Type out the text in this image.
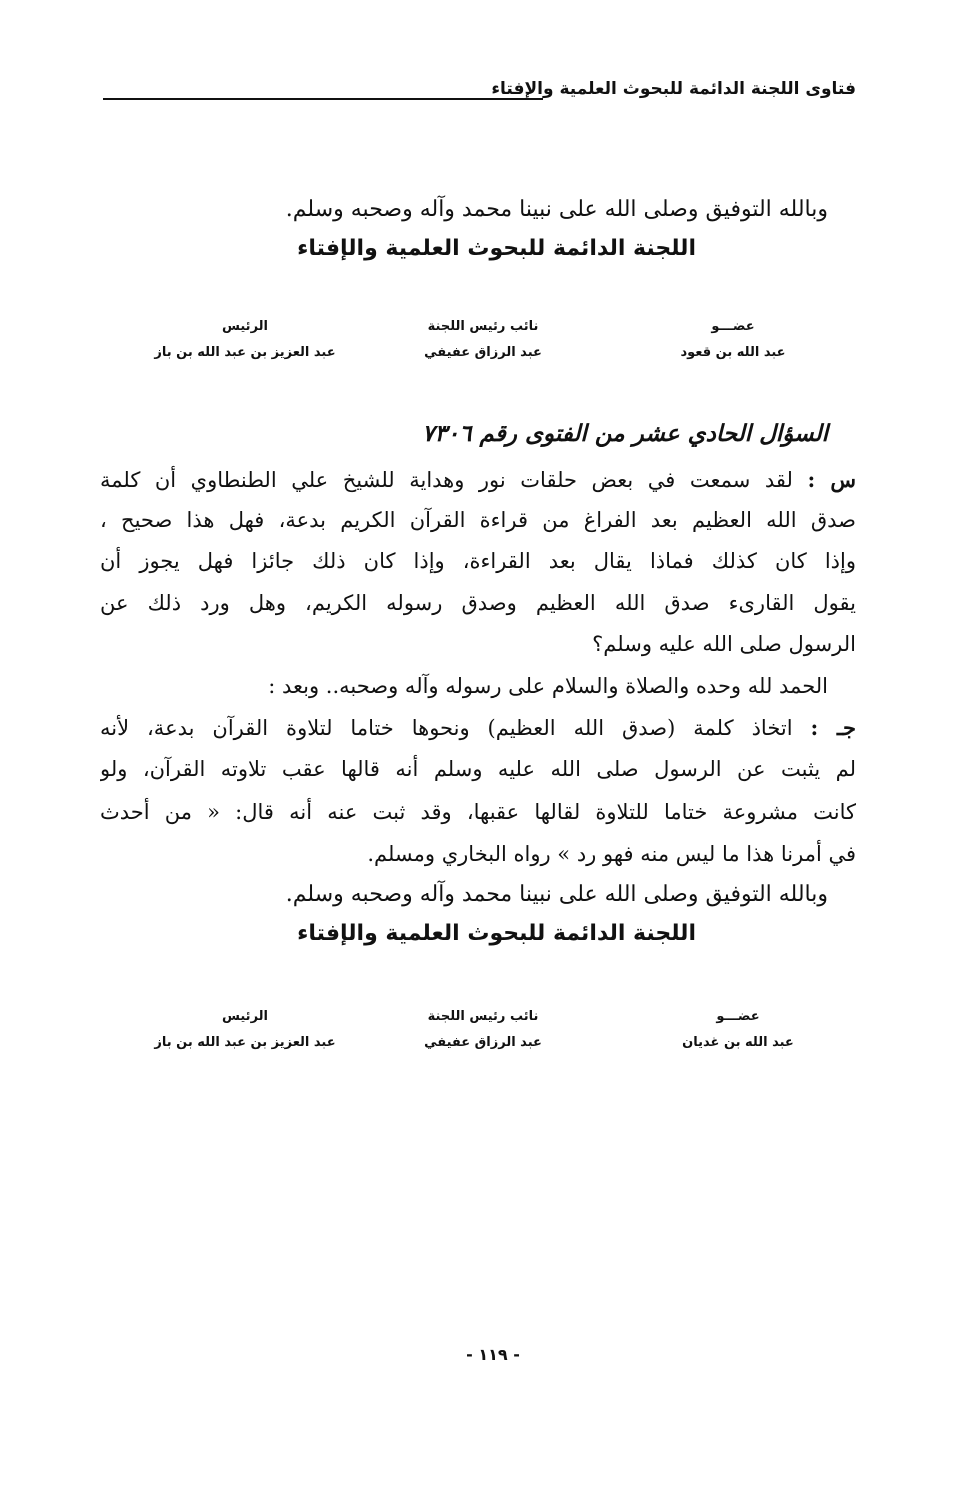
فتاوى اللجنة الدائمة للبحوث العلمية والإفتاء
وبالله التوفيق وصلى الله على نبينا محمد وآله وصحبه وسلم.
اللجنة الدائمة للبحوث العلمية والإفتاء
عضـــو
عبد الله بن قعود
نائب رئيس اللجنة
عبد الرزاق عفيفي
الرئيس
عبد العزيز بن عبد الله بن باز
السؤال الحادي عشر من الفتوى رقم ٧٣٠٦
س : لقد سمعت في بعض حلقات نور وهداية للشيخ علي الطنطاوي أن كلمة
صدق الله العظيم بعد الفراغ من قراءة القرآن الكريم بدعة، فهل هذا صحيح ،
وإذا كان كذلك فماذا يقال بعد القراءة، وإذا كان ذلك جائزا فهل يجوز أن
يقول القارىء صدق الله العظيم وصدق رسوله الكريم، وهل ورد ذلك عن
الرسول صلى الله عليه وسلم؟
الحمد لله وحده والصلاة والسلام على رسوله وآله وصحبه.. وبعد :
جـ : اتخاذ كلمة (صدق الله العظيم) ونحوها ختاما لتلاوة القرآن بدعة، لأنه
لم يثبت عن الرسول صلى الله عليه وسلم أنه قالها عقب تلاوته القرآن، ولو
كانت مشروعة ختاما للتلاوة لقالها عقبها، وقد ثبت عنه أنه قال: « من أحدث
في أمرنا هذا ما ليس منه فهو رد » رواه البخاري ومسلم.
وبالله التوفيق وصلى الله على نبينا محمد وآله وصحبه وسلم.
اللجنة الدائمة للبحوث العلمية والإفتاء
عضـــو
عبد الله بن غديان
نائب رئيس اللجنة
عبد الرزاق عفيفي
الرئيس
عبد العزيز بن عبد الله بن باز
- ١١٩ -
